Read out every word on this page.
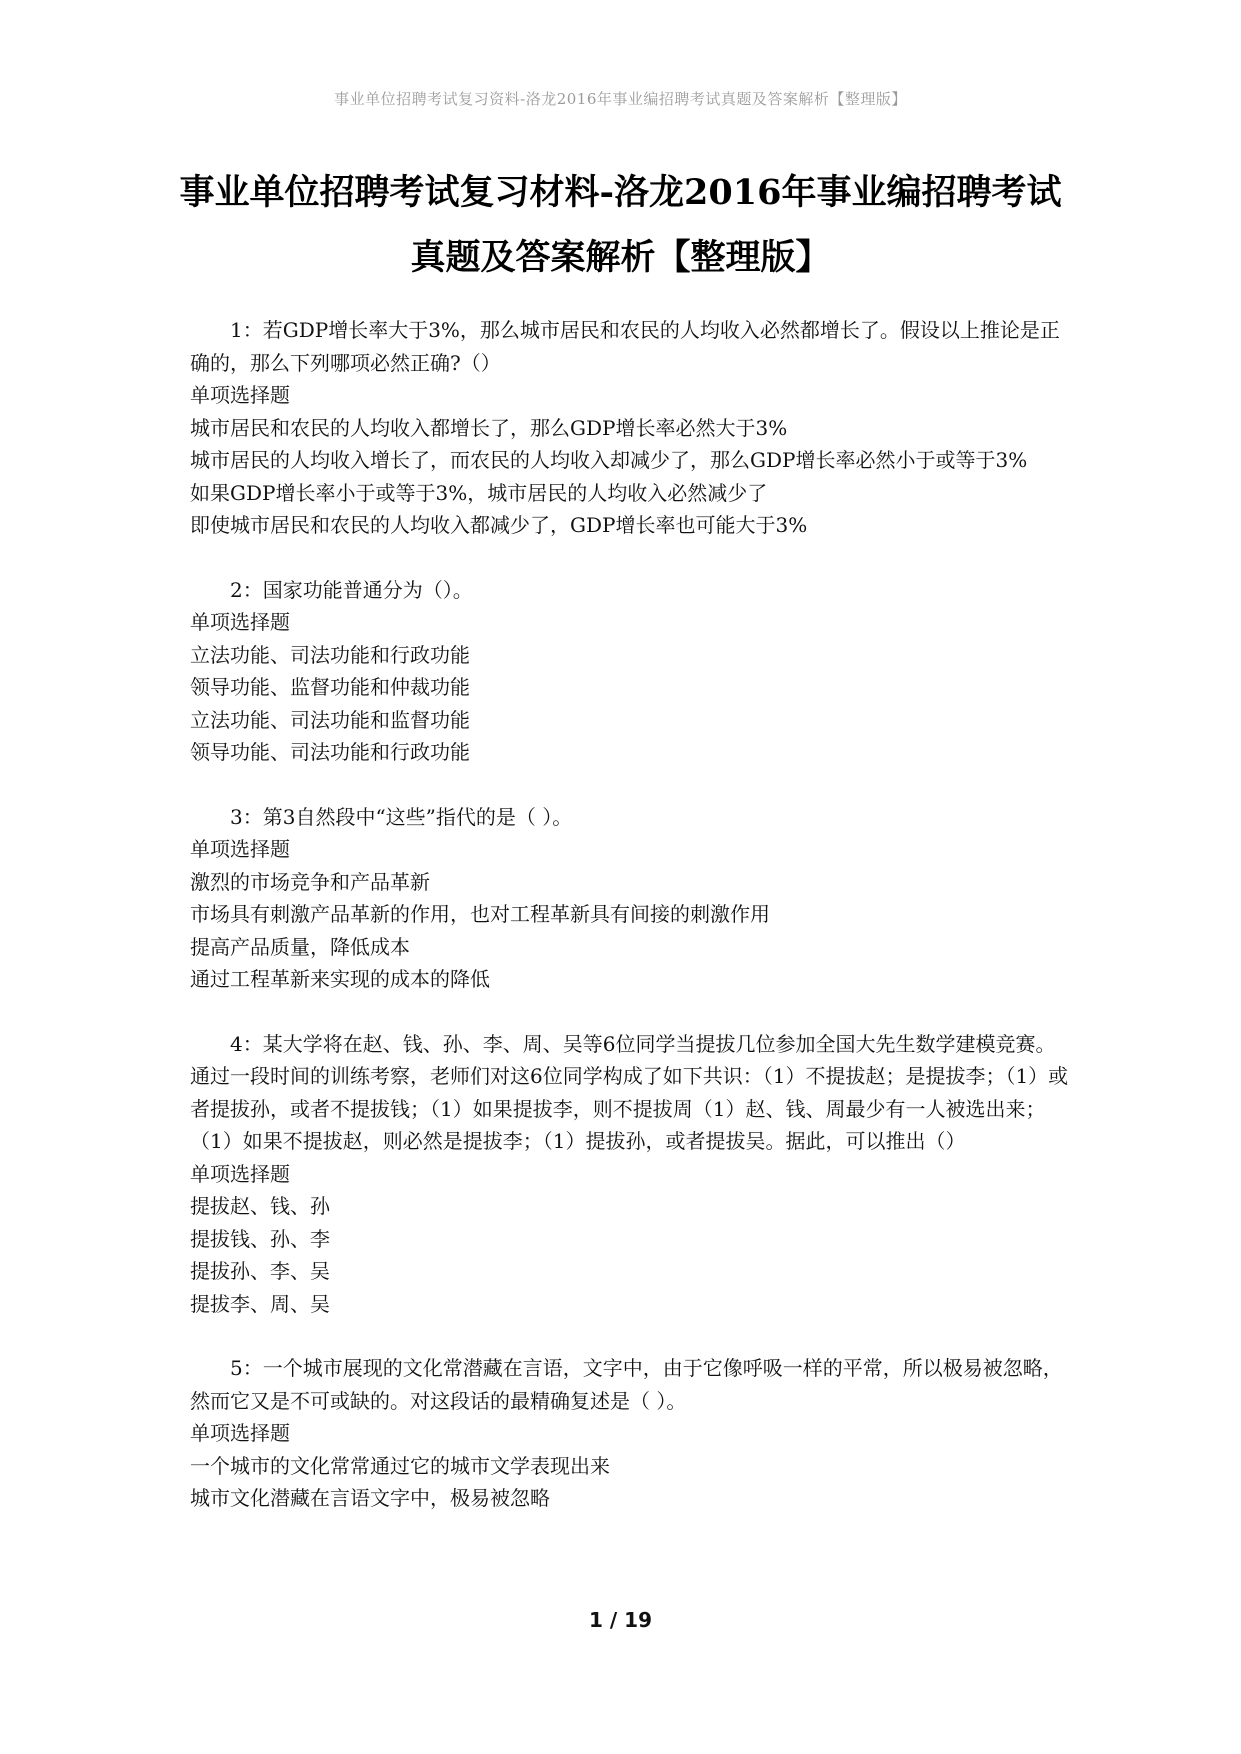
事业单位招聘考试复习资料-洛龙2016年事业编招聘考试真题及答案解析【整理版】
事业单位招聘考试复习材料-洛龙2016年事业编招聘考试
真题及答案解析【整理版】

1：若GDP增长率大于3%，那么城市居民和农民的人均收入必然都增长了。假设以上推论是正确的，那么下列哪项必然正确?（）

单项选择题

城市居民和农民的人均收入都增长了，那么GDP增长率必然大于3%

城市居民的人均收入增长了，而农民的人均收入却减少了，那么GDP增长率必然小于或等于3%

如果GDP增长率小于或等于3%，城市居民的人均收入必然减少了

即使城市居民和农民的人均收入都减少了，GDP增长率也可能大于3%

2：国家功能普通分为（）。

单项选择题

立法功能、司法功能和行政功能

领导功能、监督功能和仲裁功能

立法功能、司法功能和监督功能

领导功能、司法功能和行政功能

3：第3自然段中“这些”指代的是（ ）。

单项选择题

激烈的市场竞争和产品革新

市场具有刺激产品革新的作用，也对工程革新具有间接的刺激作用

提高产品质量，降低成本

通过工程革新来实现的成本的降低

4：某大学将在赵、钱、孙、李、周、吴等6位同学当提拔几位参加全国大先生数学建模竞赛。通过一段时间的训练考察，老师们对这6位同学构成了如下共识：（1）不提拔赵；是提拔李；（1）或者提拔孙，或者不提拔钱；（1）如果提拔李，则不提拔周（1）赵、钱、周最少有一人被选出来；（1）如果不提拔赵，则必然是提拔李；（1）提拔孙，或者提拔吴。据此，可以推出（）

单项选择题

提拔赵、钱、孙

提拔钱、孙、李

提拔孙、李、吴

提拔李、周、吴

5：一个城市展现的文化常潜藏在言语，文字中，由于它像呼吸一样的平常，所以极易被忽略，然而它又是不可或缺的。对这段话的最精确复述是（ ）。

单项选择题

一个城市的文化常常通过它的城市文学表现出来

城市文化潜藏在言语文字中，极易被忽略

1 / 19
